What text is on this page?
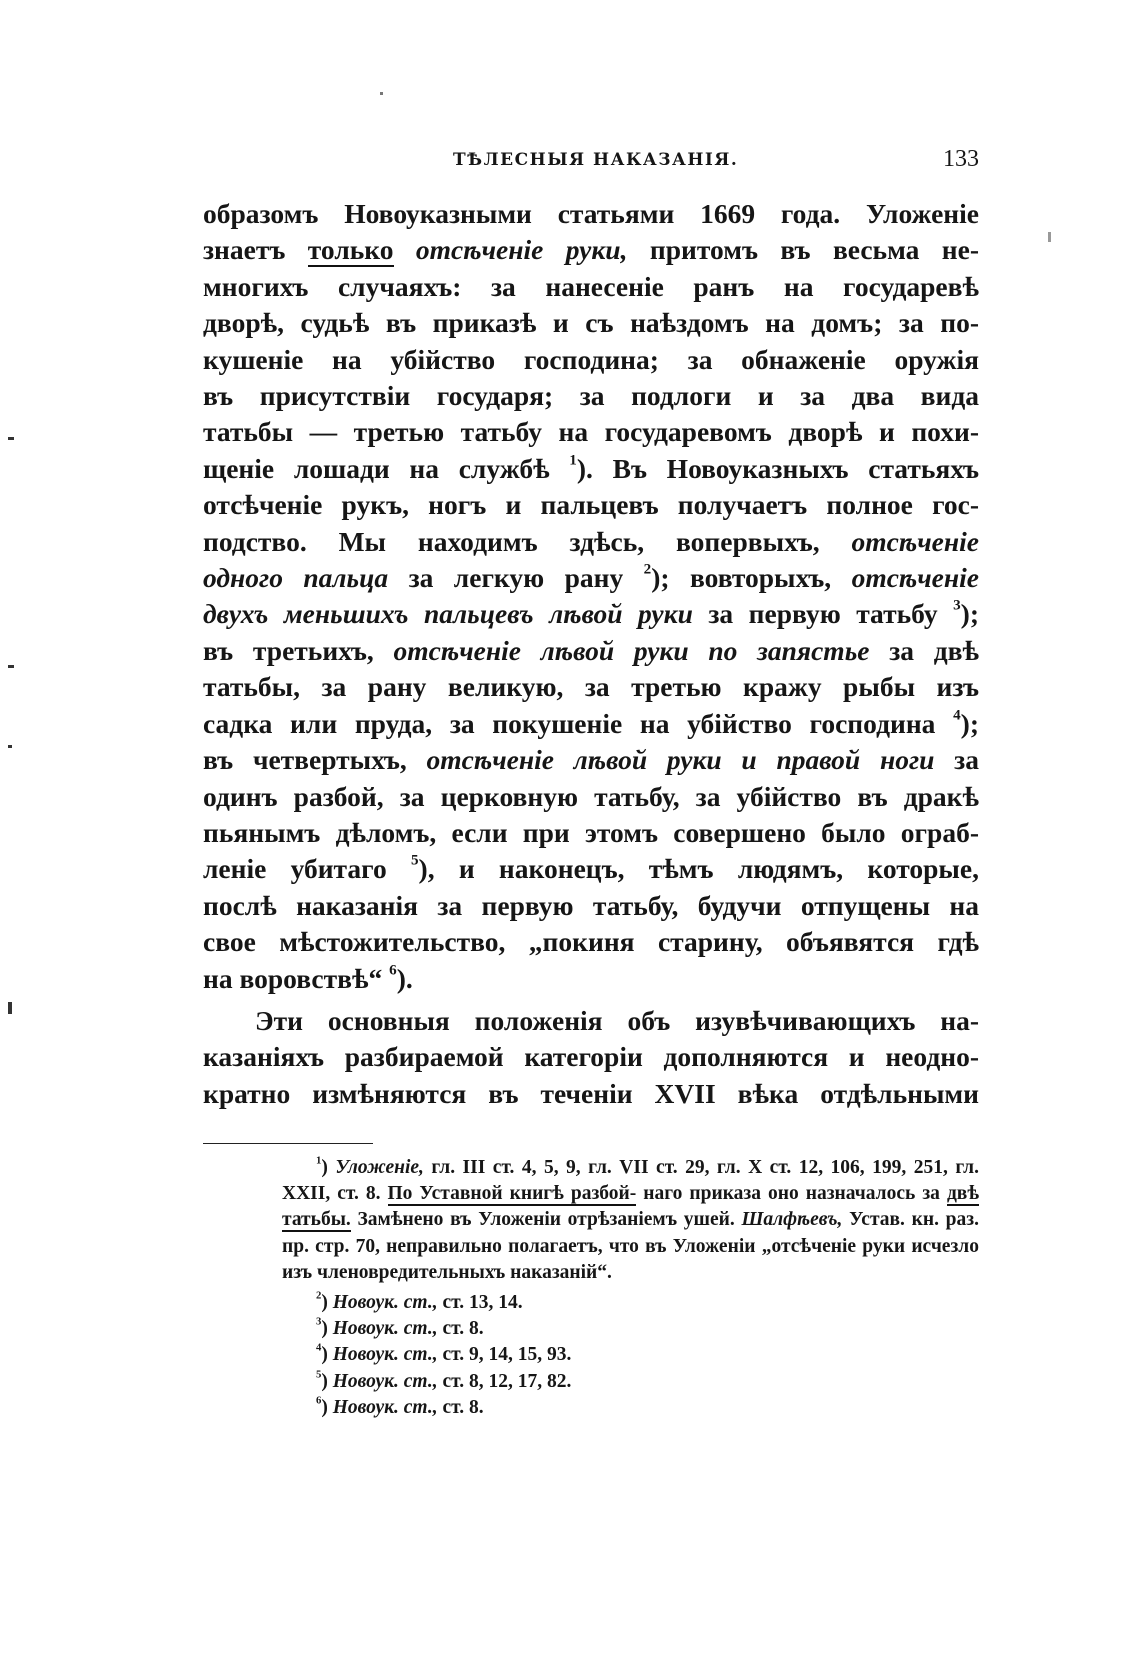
ТѢЛЕСНЫЯ НАКАЗАНІЯ.	133

образомъ Новоуказными статьями 1669 года. Уложеніе
знаетъ только отсѣченіе руки, притомъ въ весьма не-
многихъ случаяхъ: за нанесеніе ранъ на государевѣ
дворѣ, судьѣ въ приказѣ и съ наѣздомъ на домъ; за по-
кушеніе на убійство господина; за обнаженіе оружія
въ присутствіи государя; за подлоги и за два вида
татьбы — третью татьбу на государевомъ дворѣ и похи-
щеніе лошади на службѣ $^1$). Въ Новоуказныхъ статьяхъ
отсѣченіе рукъ, ногъ и пальцевъ получаетъ полное гос-
подство. Мы находимъ здѣсь, вопервыхъ, отсѣченіе
одного пальца за легкую рану $^2$); вовторыхъ, отсѣченіе
двухъ меньшихъ пальцевъ лѣвой руки за первую татьбу $^3$);
въ третьихъ, отсѣченіе лѣвой руки по запястье за двѣ
татьбы, за рану великую, за третью кражу рыбы изъ
садка или пруда, за покушеніе на убійство господина $^4$);
въ четвертыхъ, отсѣченіе лѣвой руки и правой ноги за
одинъ разбой, за церковную татьбу, за убійство въ дракѣ
пьянымъ дѣломъ, если при этомъ совершено было ограб-
леніе убитаго $^5$), и наконецъ, тѣмъ людямъ, которые,
послѣ наказанія за первую татьбу, будучи отпущены на
свое мѣстожительство, „покиня старину, объявятся гдѣ
на воровствѣ“ $^6$).

Эти основныя положенія объ изувѣчивающихъ на-
казаніяхъ разбираемой категоріи дополняются и неодно-
кратно измѣняются въ теченіи XVII вѣка отдѣльными

$^1$) Уложеніе, гл. III ст. 4, 5, 9, гл. VII ст. 29, гл. X ст. 12, 106, 199, 251, гл. XXII, ст. 8. По Уставной книгѣ разбой- наго приказа оно назначалось за двѣ татьбы. Замѣнено въ Уложеніи отрѣзаніемъ ушей. Шалфѣевъ, Устав. кн. раз. пр. стр. 70, неправильно полагаетъ, что въ Уложеніи „отсѣченіе руки исчезло изъ членовредительныхъ наказаній“.

$^2$) Новоук. ст., ст. 13, 14.

$^3$) Новоук. ст., ст. 8.

$^4$) Новоук. ст., ст. 9, 14, 15, 93.

$^5$) Новоук. ст., ст. 8, 12, 17, 82.

$^6$) Новоук. ст., ст. 8.
